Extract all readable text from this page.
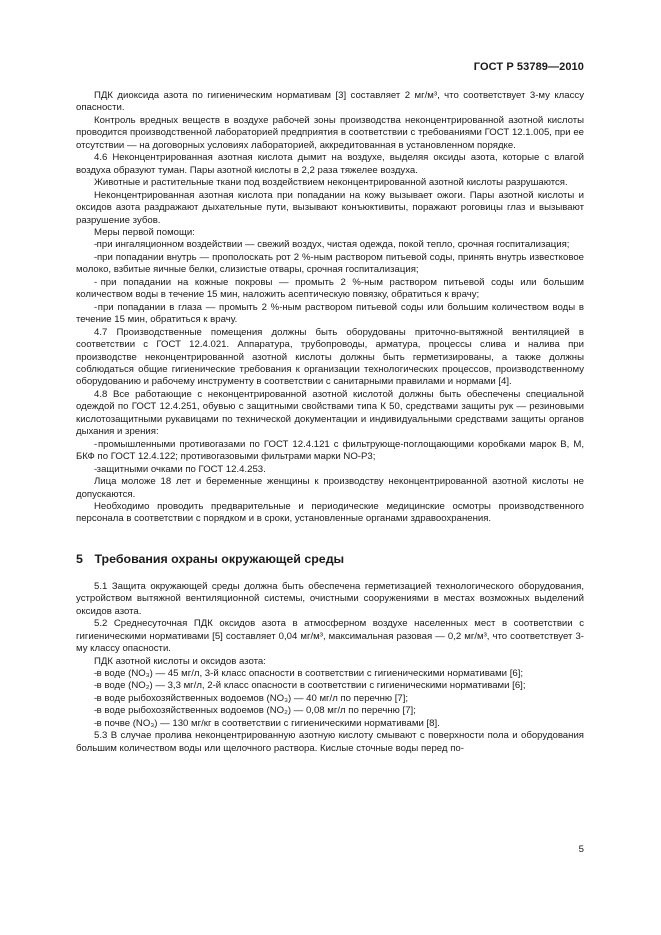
ГОСТ Р 53789—2010

ПДК диоксида азота по гигиеническим нормативам [3] составляет 2 мг/м³, что соответствует 3-му классу опасности.

Контроль вредных веществ в воздухе рабочей зоны производства неконцентрированной азотной кислоты проводится производственной лабораторией предприятия в соответствии с требованиями ГОСТ 12.1.005, при ее отсутствии — на договорных условиях лабораторией, аккредитованная в установленном порядке.

4.6 Неконцентрированная азотная кислота дымит на воздухе, выделяя оксиды азота, которые с влагой воздуха образуют туман. Пары азотной кислоты в 2,2 раза тяжелее воздуха.

Животные и растительные ткани под воздействием неконцентрированной азотной кислоты разрушаются.

Неконцентрированная азотная кислота при попадании на кожу вызывает ожоги. Пары азотной кислоты и оксидов азота раздражают дыхательные пути, вызывают конъюктивиты, поражают роговицы глаз и вызывают разрушение зубов.

Меры первой помощи:

- при ингаляционном воздействии — свежий воздух, чистая одежда, покой тепло, срочная госпитализация;

- при попадании внутрь — прополоскать рот 2 %-ным раствором питьевой соды, принять внутрь известковое молоко, взбитые яичные белки, слизистые отвары, срочная госпитализация;

- при попадании на кожные покровы — промыть 2 %-ным раствором питьевой соды или большим количеством воды в течение 15 мин, наложить асептическую повязку, обратиться к врачу;

- при попадании в глаза — промыть 2 %-ным раствором питьевой соды или большим количеством воды в течение 15 мин, обратиться к врачу.

4.7 Производственные помещения должны быть оборудованы приточно-вытяжной вентиляцией в соответствии с ГОСТ 12.4.021. Аппаратура, трубопроводы, арматура, процессы слива и налива при производстве неконцентрированной азотной кислоты должны быть герметизированы, а также должны соблюдаться общие гигиенические требования к организации технологических процессов, производственному оборудованию и рабочему инструменту в соответствии с санитарными правилами и нормами [4].

4.8 Все работающие с неконцентрированной азотной кислотой должны быть обеспечены специальной одеждой по ГОСТ 12.4.251, обувью с защитными свойствами типа К 50, средствами защиты рук — резиновыми кислотозащитными рукавицами по технической документации и индивидуальными средствами защиты органов дыхания и зрения:

- промышленными противогазами по ГОСТ 12.4.121 с фильтрующе-поглощающими коробками марок В, М, БКФ по ГОСТ 12.4.122; противогазовыми фильтрами марки NO-P3;

- защитными очками по ГОСТ 12.4.253.

Лица моложе 18 лет и беременные женщины к производству неконцентрированной азотной кислоты не допускаются.

Необходимо проводить предварительные и периодические медицинские осмотры производственного персонала в соответствии с порядком и в сроки, установленные органами здравоохранения.

5 Требования охраны окружающей среды

5.1 Защита окружающей среды должна быть обеспечена герметизацией технологического оборудования, устройством вытяжной вентиляционной системы, очистными сооружениями в местах возможных выделений оксидов азота.

5.2 Среднесуточная ПДК оксидов азота в атмосферном воздухе населенных мест в соответствии с гигиеническими нормативами [5] составляет 0,04 мг/м³, максимальная разовая — 0,2 мг/м³, что соответствует 3-му классу опасности.

ПДК азотной кислоты и оксидов азота:

- в воде (NO₃) — 45 мг/л, 3-й класс опасности в соответствии с гигиеническими нормативами [6];

- в воде (NO₂) — 3,3 мг/л, 2-й класс опасности в соответствии с гигиеническими нормативами [6];

- в воде рыбохозяйственных водоемов (NO₃) — 40 мг/л по перечню [7];

- в воде рыбохозяйственных водоемов (NO₂) — 0,08 мг/л по перечню [7];

- в почве (NO₃) — 130 мг/кг в соответствии с гигиеническими нормативами [8].

5.3 В случае пролива неконцентрированную азотную кислоту смывают с поверхности пола и оборудования большим количеством воды или щелочного раствора. Кислые сточные воды перед по-

5
